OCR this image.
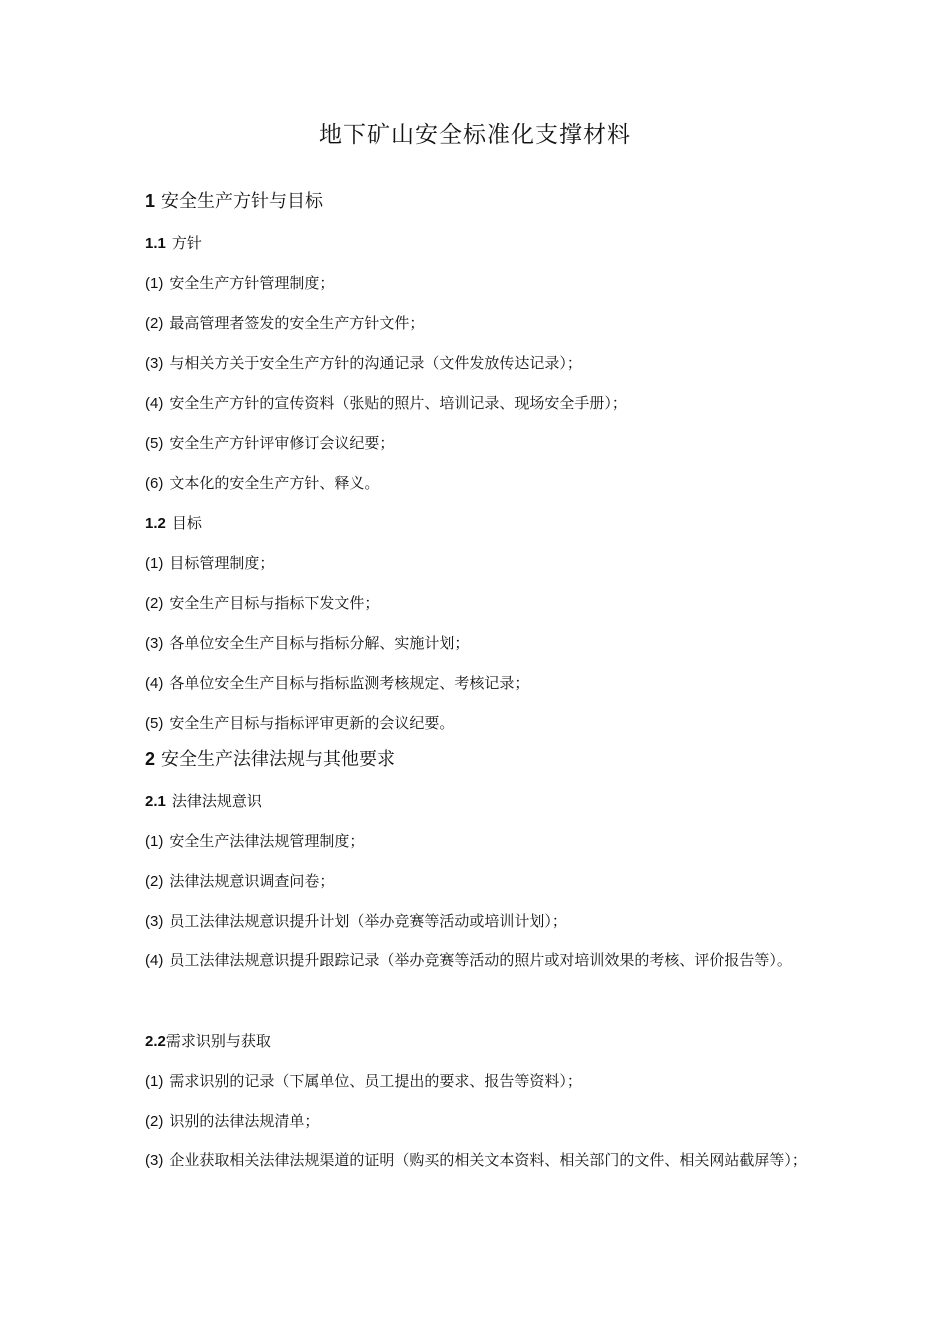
地下矿山安全标准化支撑材料
1 安全生产方针与目标
1.1 方针
(1) 安全生产方针管理制度；
(2) 最高管理者签发的安全生产方针文件；
(3) 与相关方关于安全生产方针的沟通记录（文件发放传达记录）；
(4) 安全生产方针的宣传资料（张贴的照片、培训记录、现场安全手册）；
(5) 安全生产方针评审修订会议纪要；
(6) 文本化的安全生产方针、释义。
1.2 目标
(1) 目标管理制度；
(2) 安全生产目标与指标下发文件；
(3) 各单位安全生产目标与指标分解、实施计划；
(4) 各单位安全生产目标与指标监测考核规定、考核记录；
(5) 安全生产目标与指标评审更新的会议纪要。
2 安全生产法律法规与其他要求
2.1 法律法规意识
(1) 安全生产法律法规管理制度；
(2) 法律法规意识调查问卷；
(3) 员工法律法规意识提升计划（举办竞赛等活动或培训计划）；
(4) 员工法律法规意识提升跟踪记录（举办竞赛等活动的照片或对培训效果的考核、评价报告等）。
2.2需求识别与获取
(1) 需求识别的记录（下属单位、员工提出的要求、报告等资料）；
(2) 识别的法律法规清单；
(3) 企业获取相关法律法规渠道的证明（购买的相关文本资料、相关部门的文件、相关网站截屏等）；
